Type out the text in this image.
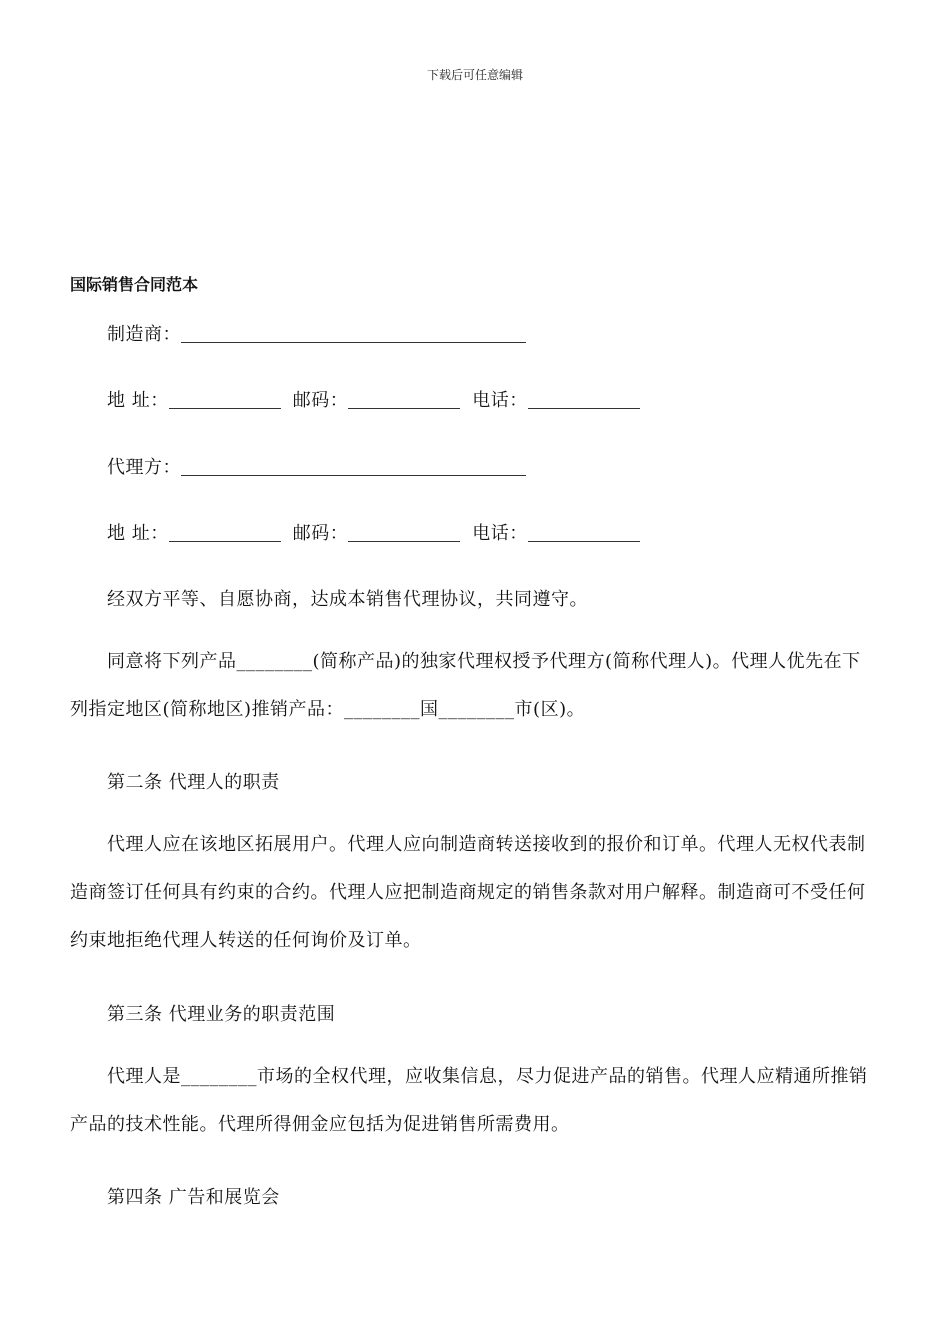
下载后可任意编辑
国际销售合同范本
制造商：
地 址：	邮码：	电话：
代理方：
地 址：	邮码：	电话：
经双方平等、自愿协商，达成本销售代理协议，共同遵守。
同意将下列产品________(简称产品)的独家代理权授予代理方(简称代理人)。代理人优先在下列指定地区(简称地区)推销产品：________国________市(区)。
第二条 代理人的职责
代理人应在该地区拓展用户。代理人应向制造商转送接收到的报价和订单。代理人无权代表制造商签订任何具有约束的合约。代理人应把制造商规定的销售条款对用户解释。制造商可不受任何约束地拒绝代理人转送的任何询价及订单。
第三条 代理业务的职责范围
代理人是________市场的全权代理，应收集信息，尽力促进产品的销售。代理人应精通所推销产品的技术性能。代理所得佣金应包括为促进销售所需费用。
第四条 广告和展览会
